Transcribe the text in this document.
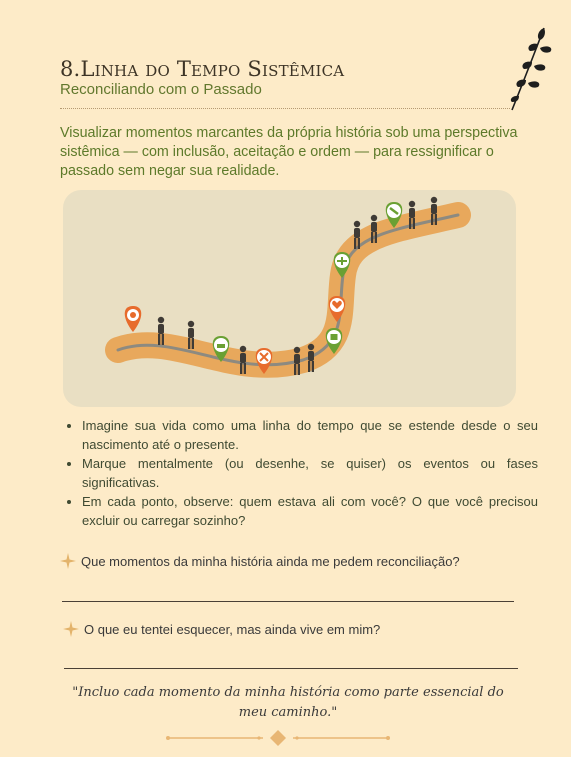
8.Linha do Tempo Sistêmica
Reconciliando com o Passado
Visualizar momentos marcantes da própria história sob uma perspectiva sistêmica — com inclusão, aceitação e ordem — para ressignificar o passado sem negar sua realidade.
• Imagine sua vida como uma linha do tempo que se estende desde o seu nascimento até o presente.
• Marque mentalmente (ou desenhe, se quiser) os eventos ou fases significativas.
• Em cada ponto, observe: quem estava ali com você? O que você precisou excluir ou carregar sozinho?
Que momentos da minha história ainda me pedem reconciliação?
O que eu tentei esquecer, mas ainda vive em mim?
"Incluo cada momento da minha história como parte essencial do meu caminho."
